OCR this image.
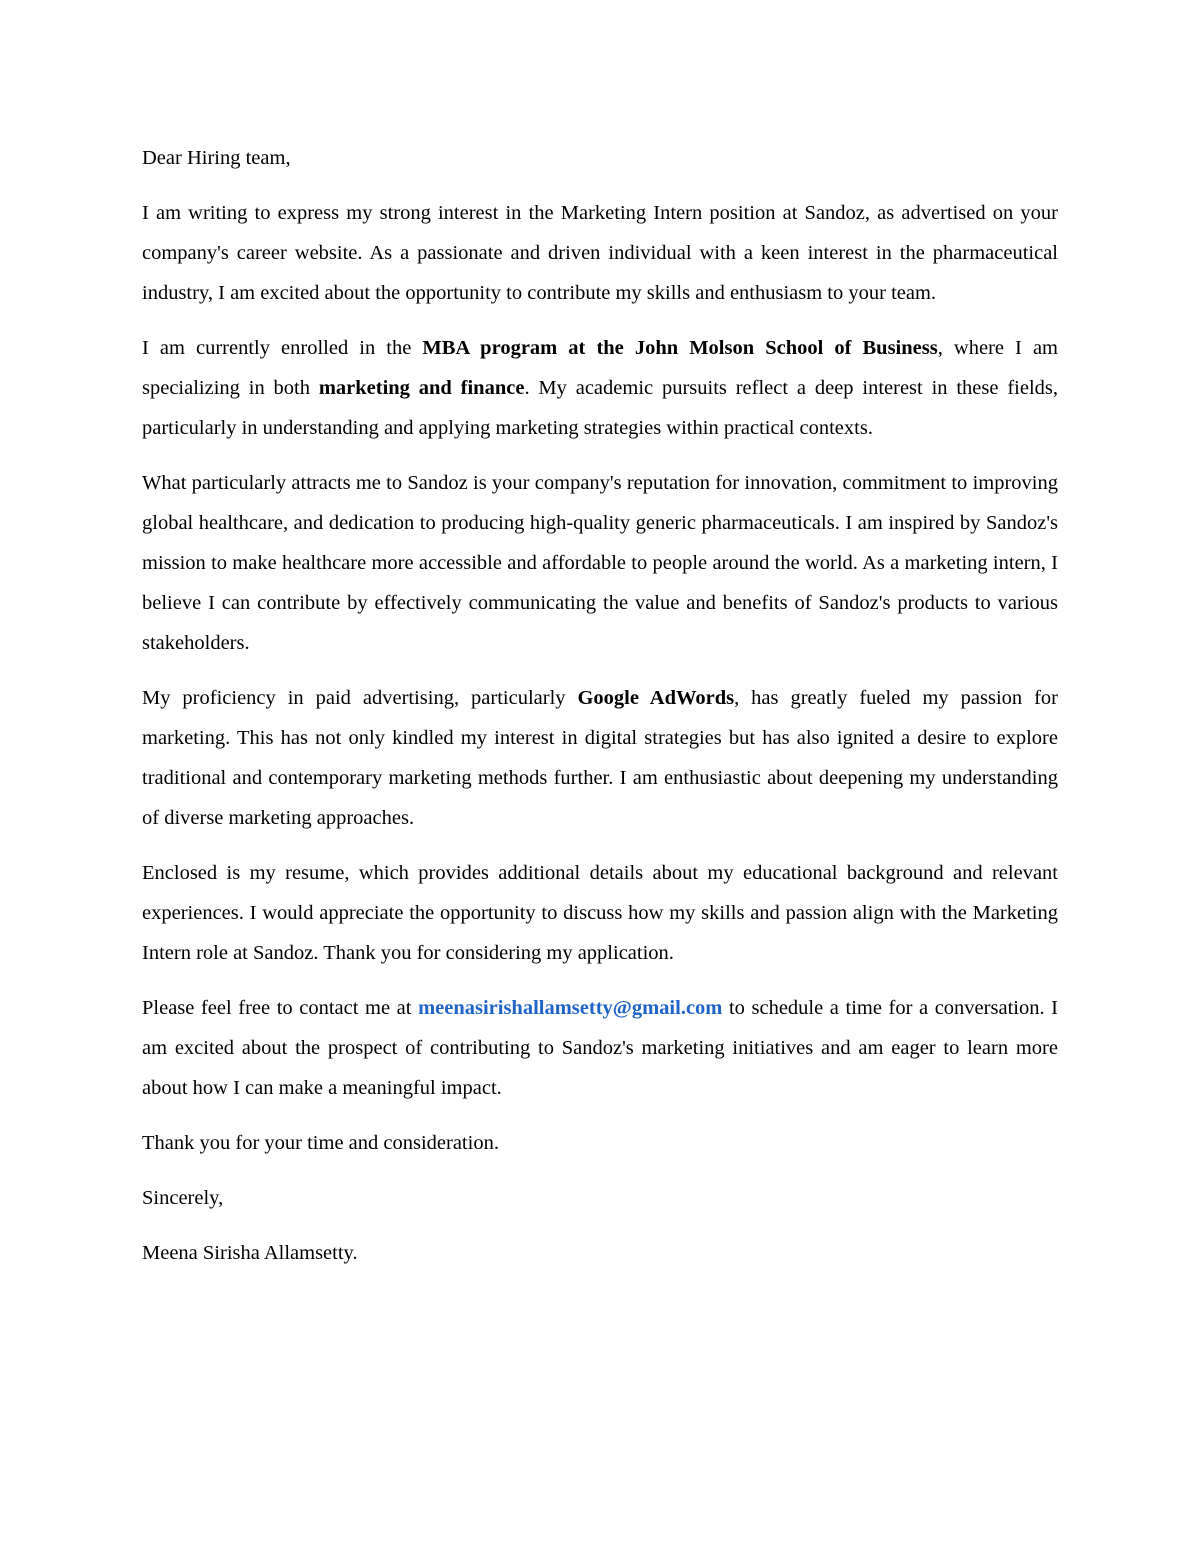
Dear Hiring team,

I am writing to express my strong interest in the Marketing Intern position at Sandoz, as advertised on your company's career website. As a passionate and driven individual with a keen interest in the pharmaceutical industry, I am excited about the opportunity to contribute my skills and enthusiasm to your team.

I am currently enrolled in the MBA program at the John Molson School of Business, where I am specializing in both marketing and finance. My academic pursuits reflect a deep interest in these fields, particularly in understanding and applying marketing strategies within practical contexts.

What particularly attracts me to Sandoz is your company's reputation for innovation, commitment to improving global healthcare, and dedication to producing high-quality generic pharmaceuticals. I am inspired by Sandoz's mission to make healthcare more accessible and affordable to people around the world. As a marketing intern, I believe I can contribute by effectively communicating the value and benefits of Sandoz's products to various stakeholders.

My proficiency in paid advertising, particularly Google AdWords, has greatly fueled my passion for marketing. This has not only kindled my interest in digital strategies but has also ignited a desire to explore traditional and contemporary marketing methods further. I am enthusiastic about deepening my understanding of diverse marketing approaches.

Enclosed is my resume, which provides additional details about my educational background and relevant experiences. I would appreciate the opportunity to discuss how my skills and passion align with the Marketing Intern role at Sandoz. Thank you for considering my application.

Please feel free to contact me at meenasirishallamsetty@gmail.com to schedule a time for a conversation. I am excited about the prospect of contributing to Sandoz's marketing initiatives and am eager to learn more about how I can make a meaningful impact.

Thank you for your time and consideration.

Sincerely,

Meena Sirisha Allamsetty.
